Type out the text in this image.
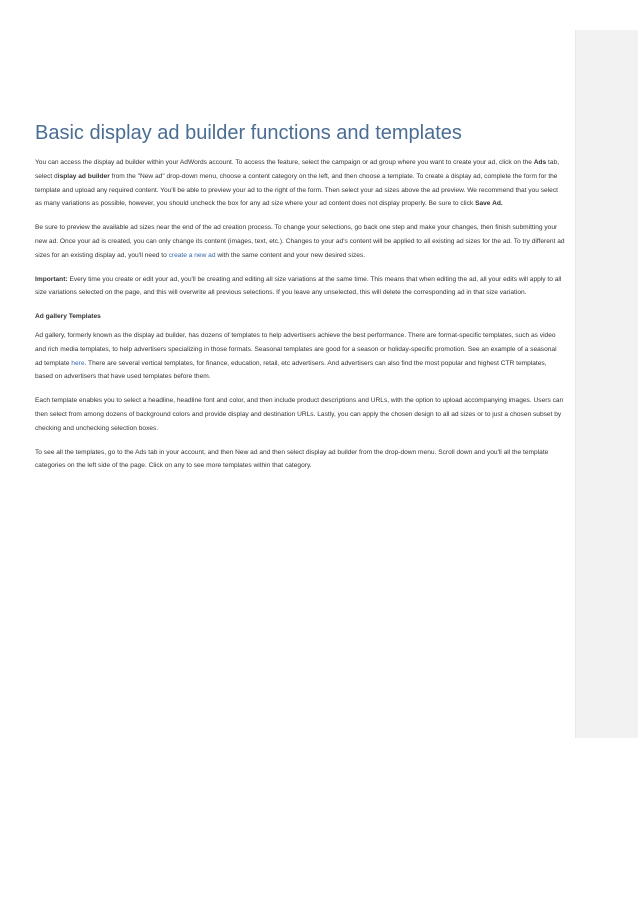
Basic display ad builder functions and templates

You can access the display ad builder within your AdWords account. To access the feature, select the campaign or ad group where you want to create your ad, click on the Ads tab, select display ad builder from the "New ad" drop-down menu, choose a content category on the left, and then choose a template. To create a display ad, complete the form for the template and upload any required content. You'll be able to preview your ad to the right of the form. Then select your ad sizes above the ad preview. We recommend that you select as many variations as possible, however, you should uncheck the box for any ad size where your ad content does not display properly. Be sure to click Save Ad.

Be sure to preview the available ad sizes near the end of the ad creation process. To change your selections, go back one step and make your changes, then finish submitting your new ad. Once your ad is created, you can only change its content (images, text, etc.). Changes to your ad's content will be applied to all existing ad sizes for the ad. To try different ad sizes for an existing display ad, you'll need to create a new ad with the same content and your new desired sizes.

Important: Every time you create or edit your ad, you'll be creating and editing all size variations at the same time. This means that when editing the ad, all your edits will apply to all size variations selected on the page, and this will overwrite all previous selections. If you leave any unselected, this will delete the corresponding ad in that size variation.

Ad gallery Templates

Ad gallery, formerly known as the display ad builder, has dozens of templates to help advertisers achieve the best performance. There are format-specific templates, such as video and rich media templates, to help advertisers specializing in those formats. Seasonal templates are good for a season or holiday-specific promotion. See an example of a seasonal ad template here. There are several vertical templates, for finance, education, retail, etc advertisers. And advertisers can also find the most popular and highest CTR templates, based on advertisers that have used templates before them.

Each template enables you to select a headline, headline font and color, and then include product descriptions and URLs, with the option to upload accompanying images. Users can then select from among dozens of background colors and provide display and destination URLs. Lastly, you can apply the chosen design to all ad sizes or to just a chosen subset by checking and unchecking selection boxes.

To see all the templates, go to the Ads tab in your account, and then New ad and then select display ad builder from the drop-down menu. Scroll down and you'll all the template categories on the left side of the page. Click on any to see more templates within that category.
